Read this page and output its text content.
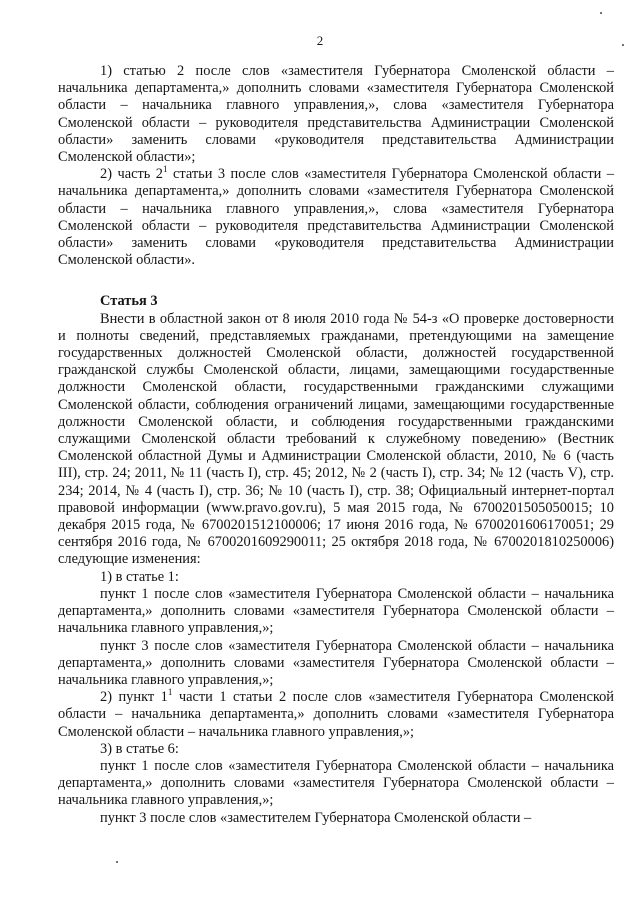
2

1) статью 2 после слов «заместителя Губернатора Смоленской области – начальника департамента,» дополнить словами «заместителя Губернатора Смоленской области – начальника главного управления,», слова «заместителя Губернатора Смоленской области – руководителя представительства Администрации Смоленской области» заменить словами «руководителя представительства Администрации Смоленской области»;

2) часть $2^1$ статьи 3 после слов «заместителя Губернатора Смоленской области – начальника департамента,» дополнить словами «заместителя Губернатора Смоленской области – начальника главного управления,», слова «заместителя Губернатора Смоленской области – руководителя представительства Администрации Смоленской области» заменить словами «руководителя представительства Администрации Смоленской области».

Статья 3

Внести в областной закон от 8 июля 2010 года № 54-з «О проверке достоверности и полноты сведений, представляемых гражданами, претендующими на замещение государственных должностей Смоленской области, должностей государственной гражданской службы Смоленской области, лицами, замещающими государственные должности Смоленской области, государственными гражданскими служащими Смоленской области, соблюдения ограничений лицами, замещающими государственные должности Смоленской области, и соблюдения государственными гражданскими служащими Смоленской области требований к служебному поведению» (Вестник Смоленской областной Думы и Администрации Смоленской области, 2010, № 6 (часть III), стр. 24; 2011, № 11 (часть I), стр. 45; 2012, № 2 (часть I), стр. 34; № 12 (часть V), стр. 234; 2014, № 4 (часть I), стр. 36; № 10 (часть I), стр. 38; Официальный интернет-портал правовой информации (www.pravo.gov.ru), 5 мая 2015 года, № 6700201505050015; 10 декабря 2015 года, № 6700201512100006; 17 июня 2016 года, № 6700201606170051; 29 сентября 2016 года, № 6700201609290011; 25 октября 2018 года, № 6700201810250006) следующие изменения:

1) в статье 1:

пункт 1 после слов «заместителя Губернатора Смоленской области – начальника департамента,» дополнить словами «заместителя Губернатора Смоленской области – начальника главного управления,»;

пункт 3 после слов «заместителя Губернатора Смоленской области – начальника департамента,» дополнить словами «заместителя Губернатора Смоленской области – начальника главного управления,»;

2) пункт $1^1$ части 1 статьи 2 после слов «заместителя Губернатора Смоленской области – начальника департамента,» дополнить словами «заместителя Губернатора Смоленской области – начальника главного управления,»;

3) в статье 6:

пункт 1 после слов «заместителя Губернатора Смоленской области – начальника департамента,» дополнить словами «заместителя Губернатора Смоленской области – начальника главного управления,»;

пункт 3 после слов «заместителем Губернатора Смоленской области –
